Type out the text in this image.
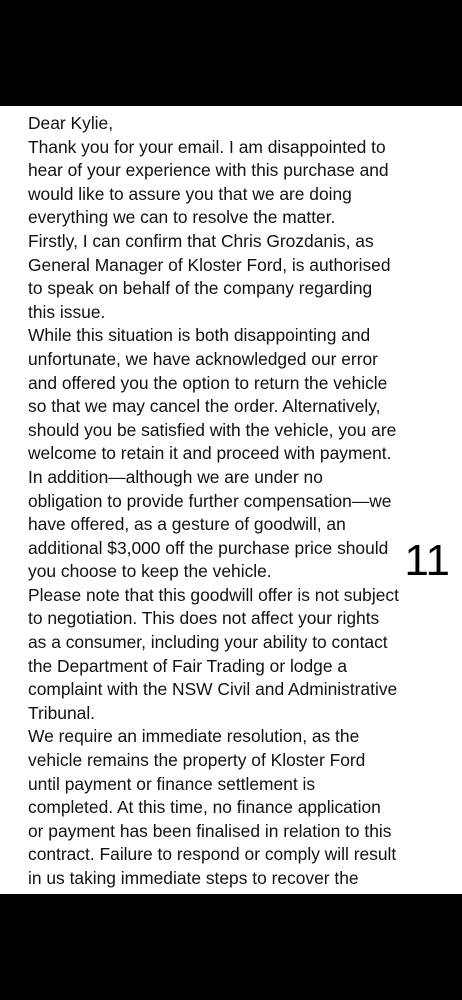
Dear Kylie,

Thank you for your email. I am disappointed to

hear of your experience with this purchase and

would like to assure you that we are doing

everything we can to resolve the matter.

Firstly, I can confirm that Chris Grozdanis, as

General Manager of Kloster Ford, is authorised

to speak on behalf of the company regarding

this issue.

While this situation is both disappointing and

unfortunate, we have acknowledged our error

and offered you the option to return the vehicle

so that we may cancel the order. Alternatively,

should you be satisfied with the vehicle, you are

welcome to retain it and proceed with payment.

In addition—although we are under no

obligation to provide further compensation—we

have offered, as a gesture of goodwill, an

additional $3,000 off the purchase price should

you choose to keep the vehicle.

Please note that this goodwill offer is not subject

to negotiation. This does not affect your rights

as a consumer, including your ability to contact

the Department of Fair Trading or lodge a

complaint with the NSW Civil and Administrative

Tribunal.

We require an immediate resolution, as the

vehicle remains the property of Kloster Ford

until payment or finance settlement is

completed. At this time, no finance application

or payment has been finalised in relation to this

contract. Failure to respond or comply will result

in us taking immediate steps to recover the

11
